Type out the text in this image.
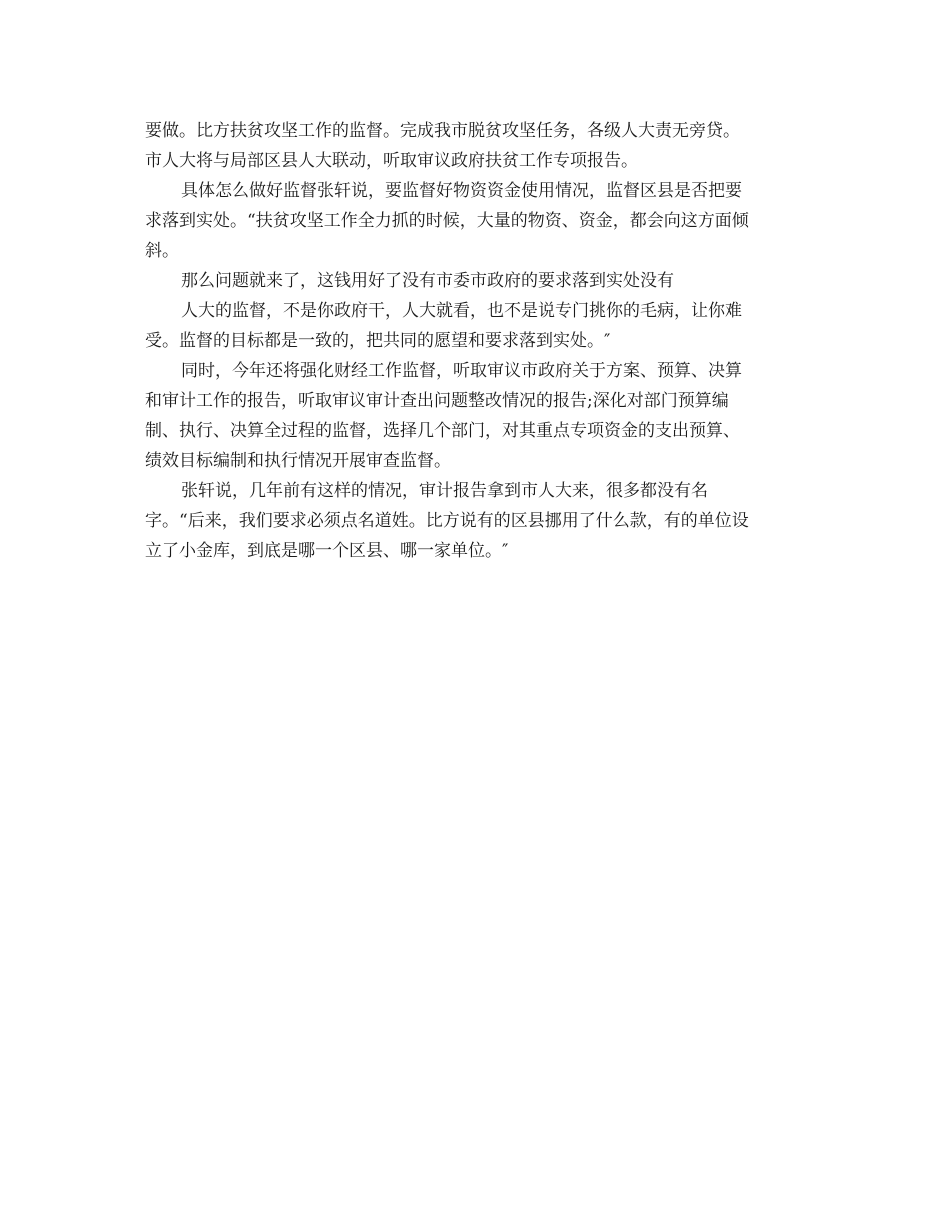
要做。比方扶贫攻坚工作的监督。完成我市脱贫攻坚任务，各级人大责无旁贷。
市人大将与局部区县人大联动，听取审议政府扶贫工作专项报告。
具体怎么做好监督张轩说，要监督好物资资金使用情况，监督区县是否把要
求落到实处。“扶贫攻坚工作全力抓的时候，大量的物资、资金，都会向这方面倾
斜。
那么问题就来了，这钱用好了没有市委市政府的要求落到实处没有
人大的监督，不是你政府干，人大就看，也不是说专门挑你的毛病，让你难
受。监督的目标都是一致的，把共同的愿望和要求落到实处。″
同时，今年还将强化财经工作监督，听取审议市政府关于方案、预算、决算
和审计工作的报告，听取审议审计查出问题整改情况的报告;深化对部门预算编
制、执行、决算全过程的监督，选择几个部门，对其重点专项资金的支出预算、
绩效目标编制和执行情况开展审查监督。
张轩说，几年前有这样的情况，审计报告拿到市人大来，很多都没有名
字。“后来，我们要求必须点名道姓。比方说有的区县挪用了什么款，有的单位设
立了小金库，到底是哪一个区县、哪一家单位。″
